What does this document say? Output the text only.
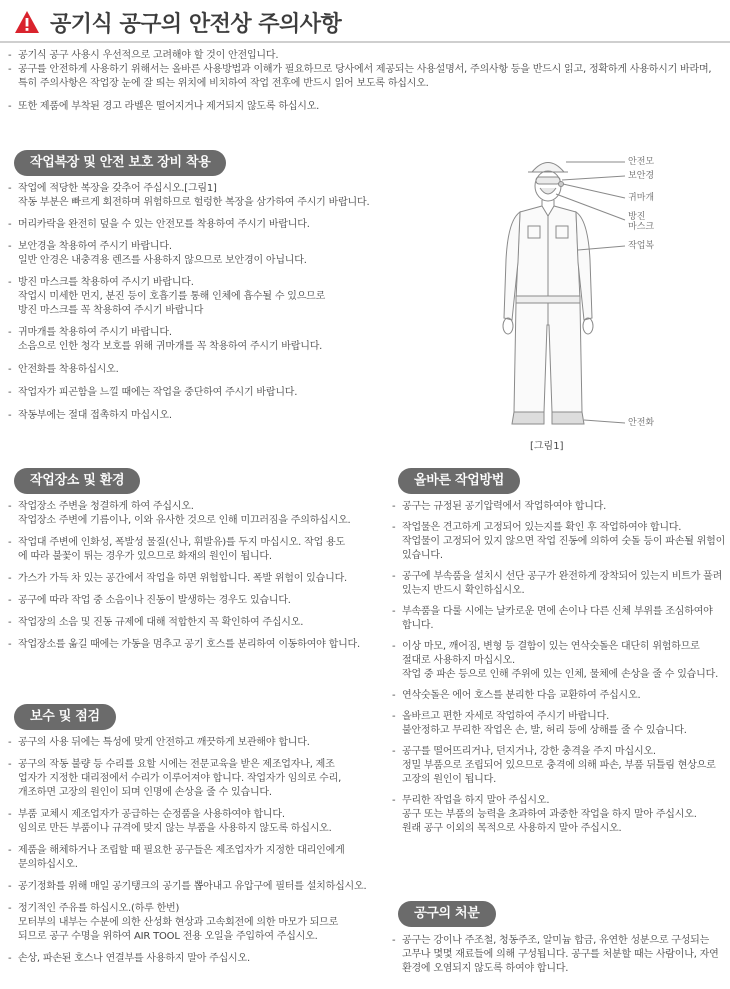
공기식 공구의 안전상 주의사항
- 공기식 공구 사용시 우선적으로 고려해야 할 것이 안전입니다.
- 공구를 안전하게 사용하기 위해서는 올바른 사용방법과 이해가 필요하므로 당사에서 제공되는 사용설명서, 주의사항 등을 반드시 읽고, 정확하게 사용하시기 바라며,
특히 주의사항은 작업장 눈에 잘 띄는 위치에 비치하여 작업 전후에 반드시 읽어 보도록 하십시오.
- 또한 제품에 부착된 경고 라벨은 떨어지거나 제거되지 않도록 하십시오.
작업복장 및 안전 보호 장비 착용
- 작업에 적당한 복장을 갖추어 주십시오.[그림1]
작동 부분은 빠르게 회전하며 위험하므로 헐렁한 복장을 삼가하여 주시기 바랍니다.
- 머리카락을 완전히 덮을 수 있는 안전모를 착용하여 주시기 바랍니다.
- 보안경을 착용하여 주시기 바랍니다.
일반 안경은 내충격용 렌즈를 사용하지 않으므로 보안경이 아닙니다.
- 방진 마스크를 착용하여 주시기 바랍니다.
작업시 미세한 먼지, 분진 등이 호흡기를 통해 인체에 흡수될 수 있으므로
방진 마스크를 꼭 착용하여 주시기 바랍니다
- 귀마개를 착용하여 주시기 바랍니다.
소음으로 인한 청각 보호를 위해 귀마개를 꼭 착용하여 주시기 바랍니다.
- 안전화를 착용하십시오.
- 작업자가 피곤함을 느낄 때에는 작업을 중단하여 주시기 바랍니다.
- 작동부에는 절대 접촉하지 마십시오.
안전모
보안경
귀마개
방진
마스크
작업복
안전화
[그림1]
작업장소 및 환경
- 작업장소 주변을 청결하게 하여 주십시오.
작업장소 주변에 기름이나, 이와 유사한 것으로 인해 미끄러짐을 주의하십시오.
- 작업대 주변에 인화성, 폭발성 물질(신나, 휘발유)를 두지 마십시오. 작업 용도
에 따라 불꽃이 튀는 경우가 있으므로 화재의 원인이 됩니다.
- 가스가 가득 차 있는 공간에서 작업을 하면 위험합니다. 폭발 위험이 있습니다.
- 공구에 따라 작업 중 소음이나 진동이 발생하는 경우도 있습니다.
- 작업장의 소음 및 진동 규제에 대해 적합한지 꼭 확인하여 주십시오.
- 작업장소를 옮길 때에는 가동을 멈추고 공기 호스를 분리하여 이동하여야 합니다.
보수 및 점검
- 공구의 사용 뒤에는 특성에 맞게 안전하고 깨끗하게 보관해야 합니다.
- 공구의 작동 불량 등 수리를 요할 시에는 전문교육을 받은 제조업자나, 제조
업자가 지정한 대리점에서 수리가 이루어져야 합니다. 작업자가 임의로 수리,
개조하면 고장의 원인이 되며 인명에 손상을 줄 수 있습니다.
- 부품 교체시 제조업자가 공급하는 순정품을 사용하여야 합니다.
임의로 만든 부품이나 규격에 맞지 않는 부품을 사용하지 않도록 하십시오.
- 제품을 해체하거나 조립할 때 필요한 공구들은 제조업자가 지정한 대리인에게
문의하십시오.
- 공기정화를 위해 매일 공기탱크의 공기를 뽑아내고 유압구에 필터를 설치하십시오.
- 정기적인 주유를 하십시오.(하루 한번)
모터부의 내부는 수분에 의한 산성화 현상과 고속회전에 의한 마모가 되므로
되므로 공구 수명을 위하여 AIR TOOL 전용 오일을 주입하여 주십시오.
- 손상, 파손된 호스나 연결부를 사용하지 말아 주십시오.
올바른 작업방법
- 공구는 규정된 공기압력에서 작업하여야 합니다.
- 작업물은 견고하게 고정되어 있는지를 확인 후 작업하여야 합니다.
작업물이 고정되어 있지 않으면 작업 진동에 의하여 숫돌 등이 파손될 위험이
있습니다.
- 공구에 부속품을 설치시 선단 공구가 완전하게 장착되어 있는지 비트가 풀려
있는지 반드시 확인하십시오.
- 부속품을 다룰 시에는 날카로운 면에 손이나 다른 신체 부위를 조심하여야
합니다.
- 이상 마모, 깨어짐, 변형 등 결함이 있는 연삭숫돌은 대단히 위험하므로
절대로 사용하지 마십시오.
작업 중 파손 등으로 인해 주위에 있는 인체, 물체에 손상을 줄 수 있습니다.
- 연삭숫돌은 에어 호스를 분리한 다음 교환하여 주십시오.
- 올바르고 편한 자세로 작업하여 주시기 바랍니다.
불안정하고 무리한 작업은 손, 발, 허리 등에 상해를 줄 수 있습니다.
- 공구를 떨어뜨리거나, 던지거나, 강한 충격을 주지 마십시오.
정밀 부품으로 조립되어 있으므로 충격에 의해 파손, 부품 뒤틀림 현상으로
고장의 원인이 됩니다.
- 무리한 작업을 하지 말아 주십시오.
공구 또는 부품의 능력을 초과하여 과중한 작업을 하지 말아 주십시오.
원래 공구 이외의 목적으로 사용하지 말아 주십시오.
공구의 처분
- 공구는 강이나 주조철, 청동주조, 알미늄 합금, 유연한 성분으로 구성되는
고무나 몇몇 재료들에 의해 구성됩니다. 공구를 처분할 때는 사람이나, 자연
환경에 오염되지 않도록 하여야 합니다.
